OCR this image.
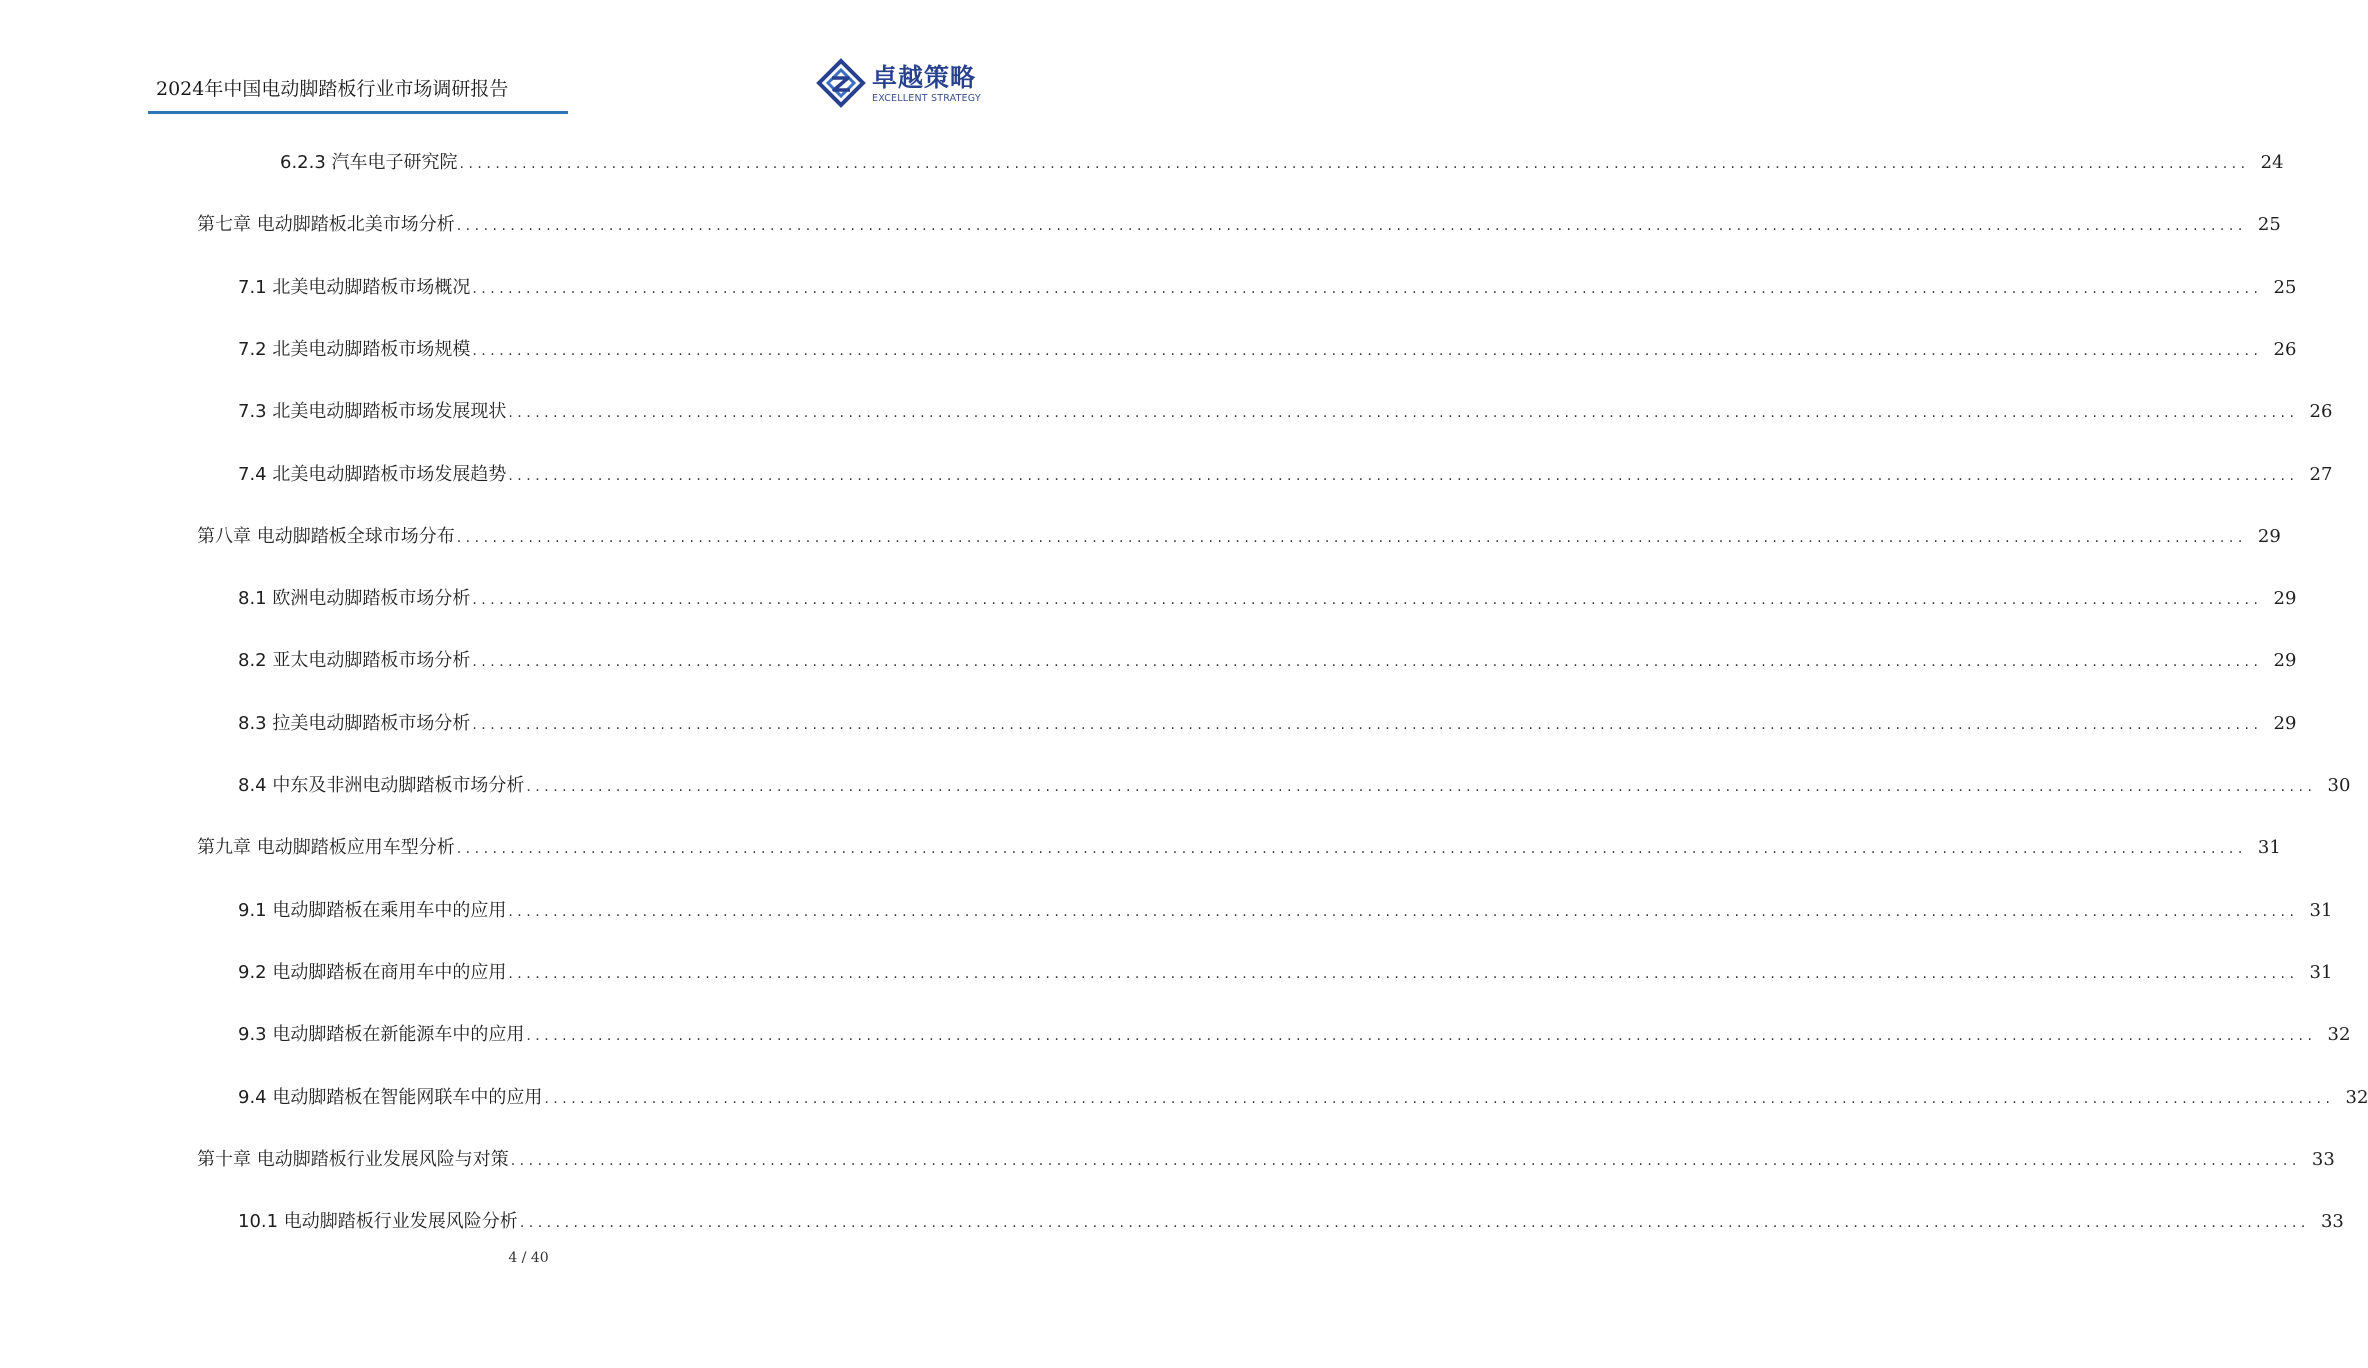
2024年中国电动脚踏板行业市场调研报告	卓越策略
EXCELLENT STRATEGY
6.2.3 汽车电子研究院 ........................................................................................................................................................................................................ 24
第七章 电动脚踏板北美市场分析 ........................................................................................................................................................................................................ 25
7.1 北美电动脚踏板市场概况 ........................................................................................................................................................................................................ 25
7.2 北美电动脚踏板市场规模 ........................................................................................................................................................................................................ 26
7.3 北美电动脚踏板市场发展现状 ........................................................................................................................................................................................................ 26
7.4 北美电动脚踏板市场发展趋势 ........................................................................................................................................................................................................ 27
第八章 电动脚踏板全球市场分布 ........................................................................................................................................................................................................ 29
8.1 欧洲电动脚踏板市场分析 ........................................................................................................................................................................................................ 29
8.2 亚太电动脚踏板市场分析 ........................................................................................................................................................................................................ 29
8.3 拉美电动脚踏板市场分析 ........................................................................................................................................................................................................ 29
8.4 中东及非洲电动脚踏板市场分析 ........................................................................................................................................................................................................ 30
第九章 电动脚踏板应用车型分析 ........................................................................................................................................................................................................ 31
9.1 电动脚踏板在乘用车中的应用 ........................................................................................................................................................................................................ 31
9.2 电动脚踏板在商用车中的应用 ........................................................................................................................................................................................................ 31
9.3 电动脚踏板在新能源车中的应用 ........................................................................................................................................................................................................ 32
9.4 电动脚踏板在智能网联车中的应用 ........................................................................................................................................................................................................ 32
第十章 电动脚踏板行业发展风险与对策 ........................................................................................................................................................................................................ 33
10.1 电动脚踏板行业发展风险分析 ........................................................................................................................................................................................................ 33
4 / 40
